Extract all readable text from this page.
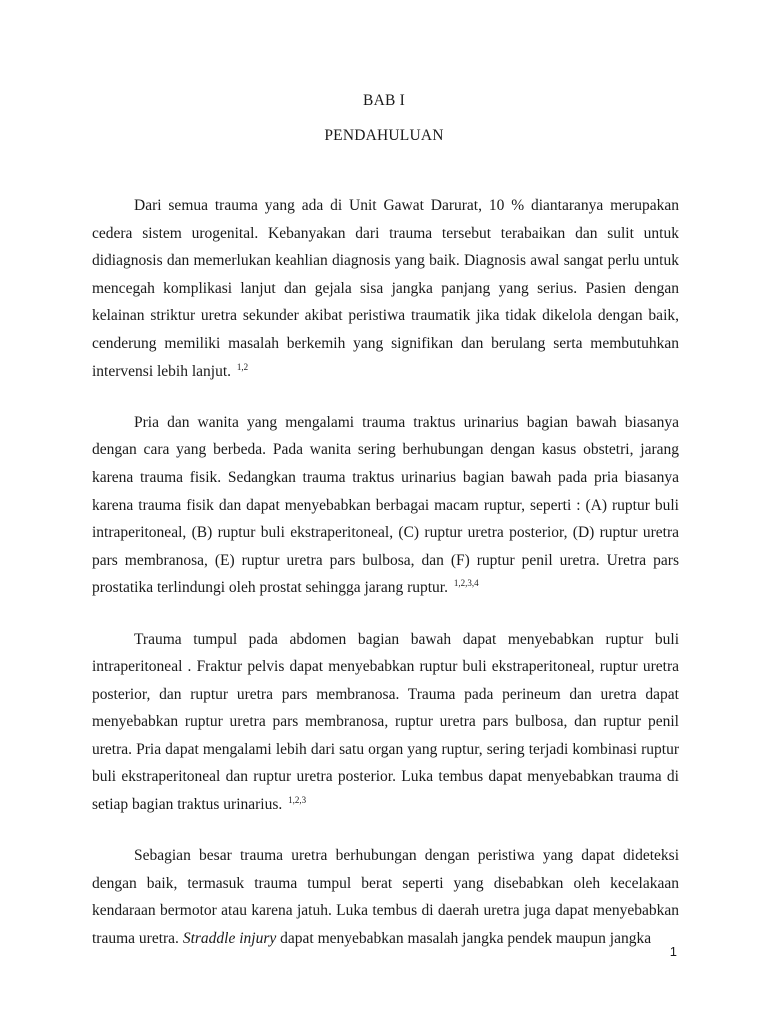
BAB I
PENDAHULUAN

Dari semua trauma yang ada di Unit Gawat Darurat, 10 % diantaranya merupakan cedera sistem urogenital. Kebanyakan dari trauma tersebut terabaikan dan sulit untuk didiagnosis dan memerlukan keahlian diagnosis yang baik. Diagnosis awal sangat perlu untuk mencegah komplikasi lanjut dan gejala sisa jangka panjang yang serius. Pasien dengan kelainan striktur uretra sekunder akibat peristiwa traumatik jika tidak dikelola dengan baik, cenderung memiliki masalah berkemih yang signifikan dan berulang serta membutuhkan intervensi lebih lanjut. $^{1,2}$

Pria dan wanita yang mengalami trauma traktus urinarius bagian bawah biasanya dengan cara yang berbeda. Pada wanita sering berhubungan dengan kasus obstetri, jarang karena trauma fisik. Sedangkan trauma traktus urinarius bagian bawah pada pria biasanya karena trauma fisik dan dapat menyebabkan berbagai macam ruptur, seperti : (A) ruptur buli intraperitoneal, (B) ruptur buli ekstraperitoneal, (C) ruptur uretra posterior, (D) ruptur uretra pars membranosa, (E) ruptur uretra pars bulbosa, dan (F) ruptur penil uretra. Uretra pars prostatika terlindungi oleh prostat sehingga jarang ruptur. $^{1,2,3,4}$

Trauma tumpul pada abdomen bagian bawah dapat menyebabkan ruptur buli intraperitoneal . Fraktur pelvis dapat menyebabkan ruptur buli ekstraperitoneal, ruptur uretra posterior, dan ruptur uretra pars membranosa. Trauma pada perineum dan uretra dapat menyebabkan ruptur uretra pars membranosa, ruptur uretra pars bulbosa, dan ruptur penil uretra. Pria dapat mengalami lebih dari satu organ yang ruptur, sering terjadi kombinasi ruptur buli ekstraperitoneal dan ruptur uretra posterior. Luka tembus dapat menyebabkan trauma di setiap bagian traktus urinarius. $^{1,2,3}$

Sebagian besar trauma uretra berhubungan dengan peristiwa yang dapat dideteksi dengan baik, termasuk trauma tumpul berat seperti yang disebabkan oleh kecelakaan kendaraan bermotor atau karena jatuh. Luka tembus di daerah uretra juga dapat menyebabkan trauma uretra. Straddle injury dapat menyebabkan masalah jangka pendek maupun jangka

1
